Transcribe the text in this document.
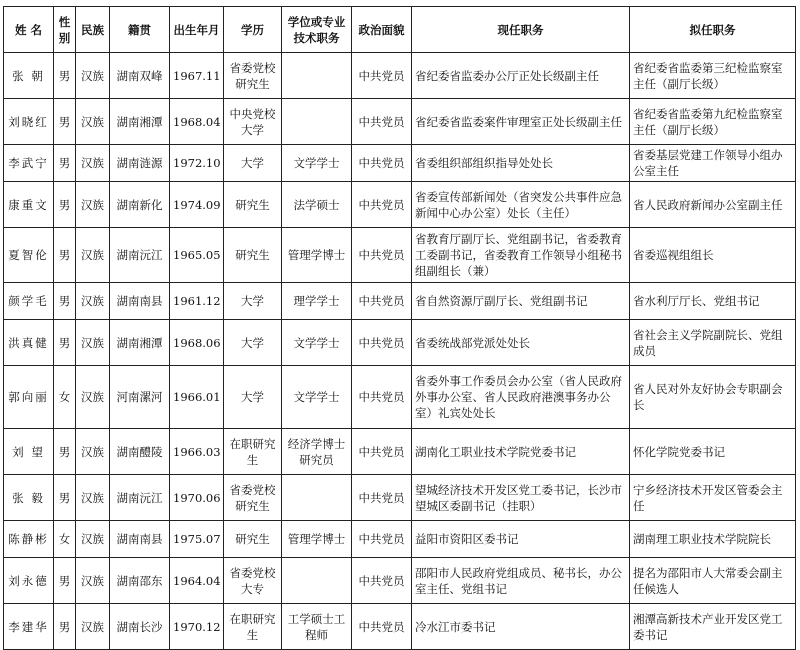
姓 名	性别	民族	籍贯	出生年月	学历	学位或专业技术职务	政治面貌	现任职务	拟任职务
张 朝	男	汉族	湖南双峰	1967.11	省委党校研究生		中共党员	省纪委省监委办公厅正处长级副主任	省纪委省监委第三纪检监察室主任（副厅长级）
刘晓红	男	汉族	湖南湘潭	1968.04	中央党校大学		中共党员	省纪委省监委案件审理室正处长级副主任	省纪委省监委第九纪检监察室主任（副厅长级）
李武宁	男	汉族	湖南涟源	1972.10	大学	文学学士	中共党员	省委组织部组织指导处处长	省委基层党建工作领导小组办公室主任
康重文	男	汉族	湖南新化	1974.09	研究生	法学硕士	中共党员	省委宣传部新闻处（省突发公共事件应急新闻中心办公室）处长（主任）	省人民政府新闻办公室副主任
夏智伦	男	汉族	湖南沅江	1965.05	研究生	管理学博士	中共党员	省教育厅副厅长、党组副书记，省委教育工委副书记，省委教育工作领导小组秘书组副组长（兼）	省委巡视组组长
颜学毛	男	汉族	湖南南县	1961.12	大学	理学学士	中共党员	省自然资源厅副厅长、党组副书记	省水利厅厅长、党组书记
洪真健	男	汉族	湖南湘潭	1968.06	大学	文学学士	中共党员	省委统战部党派处处长	省社会主义学院副院长、党组成员
郭向丽	女	汉族	河南漯河	1966.01	大学	文学学士	中共党员	省委外事工作委员会办公室（省人民政府外事办公室、省人民政府港澳事务办公室）礼宾处处长	省人民对外友好协会专职副会长
刘 望	男	汉族	湖南醴陵	1966.03	在职研究生	经济学博士研究员	中共党员	湖南化工职业技术学院党委书记	怀化学院党委书记
张 毅	男	汉族	湖南沅江	1970.06	省委党校研究生		中共党员	望城经济技术开发区党工委书记，长沙市望城区委副书记（挂职）	宁乡经济技术开发区管委会主任
陈静彬	女	汉族	湖南南县	1975.07	研究生	管理学博士	中共党员	益阳市资阳区委书记	湖南理工职业技术学院院长
刘永德	男	汉族	湖南邵东	1964.04	省委党校大专		中共党员	邵阳市人民政府党组成员、秘书长，办公室主任、党组书记	提名为邵阳市人大常委会副主任候选人
李建华	男	汉族	湖南长沙	1970.12	在职研究生	工学硕士工程师	中共党员	冷水江市委书记	湘潭高新技术产业开发区党工委书记
